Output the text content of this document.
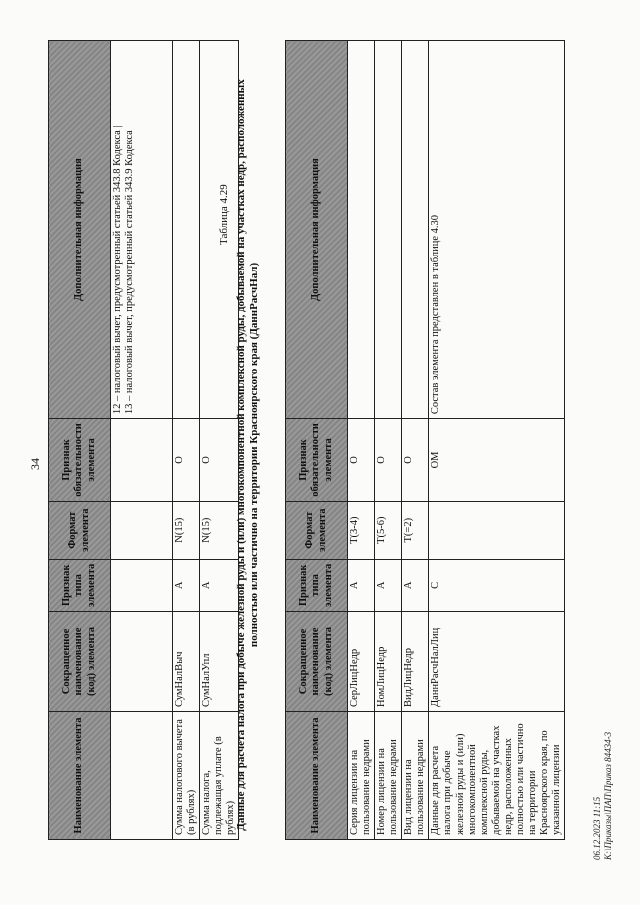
34
Наименование элемента	Сокращенное наименование (код) элемента	Признак типа элемента	Формат элемента	Признак обязательности элемента	Дополнительная информация
					12 – налоговый вычет, предусмотренный статьей 343.8 Кодекса |
13 – налоговый вычет, предусмотренный статьей 343.9 Кодекса
Сумма налогового вычета (в рублях)	СумНалВыч	А	N(15)	О	
Сумма налога, подлежащая уплате (в рублях)	СумНалУпл	А	N(15)	О	
Таблица 4.29 Данные для расчета налога при добыче железной руды и (или) многокомпонентной комплексной руды, добываемой на участках недр, расположенных полностью или частично на территории Красноярского края (ДаннРасчНал)
Наименование элемента	Сокращенное наименование (код) элемента	Признак типа элемента	Формат элемента	Признак обязательности элемента	Дополнительная информация
Серия лицензии на пользование недрами	СерЛицНедр	А	T(3-4)	О	
Номер лицензии на пользование недрами	НомЛицНедр	А	T(5-6)	О	
Вид лицензии на пользование недрами	ВидЛицНедр	А	T(=2)	О	
Данные для расчета налога при добыче железной руды и (или) многокомпонентной комплексной руды, добываемой на участках недр, расположенных полностью или частично на территории Красноярского края, по указанной лицензии	ДаннРасчНалЛиц	С		ОМ	Состав элемента представлен в таблице 4.30
06.12.2023 11:15 К:\Приказы\ПАП\Приказ 84434-3
